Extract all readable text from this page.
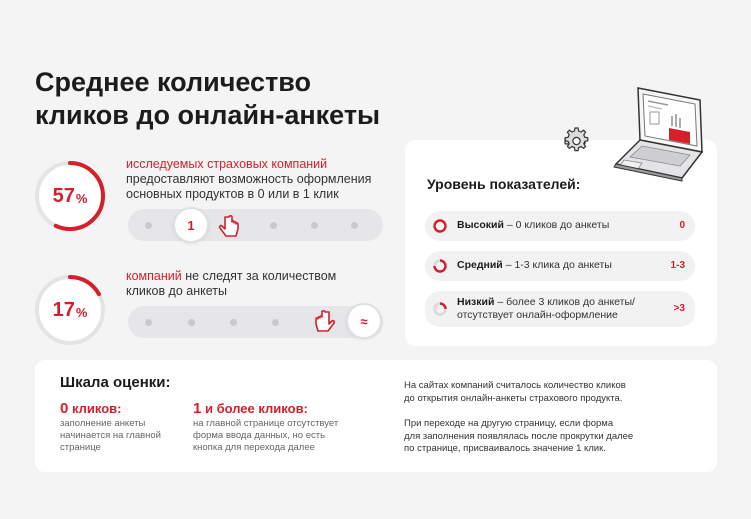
Среднее количество
кликов до онлайн-анкеты
57 %
исследуемых страховых компаний
предоставляют возможность оформления основных продуктов в 0 или в 1 клик
1
17 %
компаний не следят за количеством кликов до анкеты
≈
Уровень показателей:
Высокий – 0 кликов до анкеты	0
Средний – 1-3 клика до анкеты	1-3
Низкий – более 3 кликов до анкеты/
отсутствует онлайн-оформление
>3
Шкала оценки:
0 кликов:
заполнение анкеты
начинается на главной
странице
1 и более кликов:
на главной странице отсутствует
форма ввода данных, но есть
кнопка для перехода далее
На сайтах компаний считалось количество кликов
до открытия онлайн-анкеты страхового продукта.
При переходе на другую страницу, если форма
для заполнения появлялась после прокрутки далее
по странице, присваивалось значение 1 клик.
